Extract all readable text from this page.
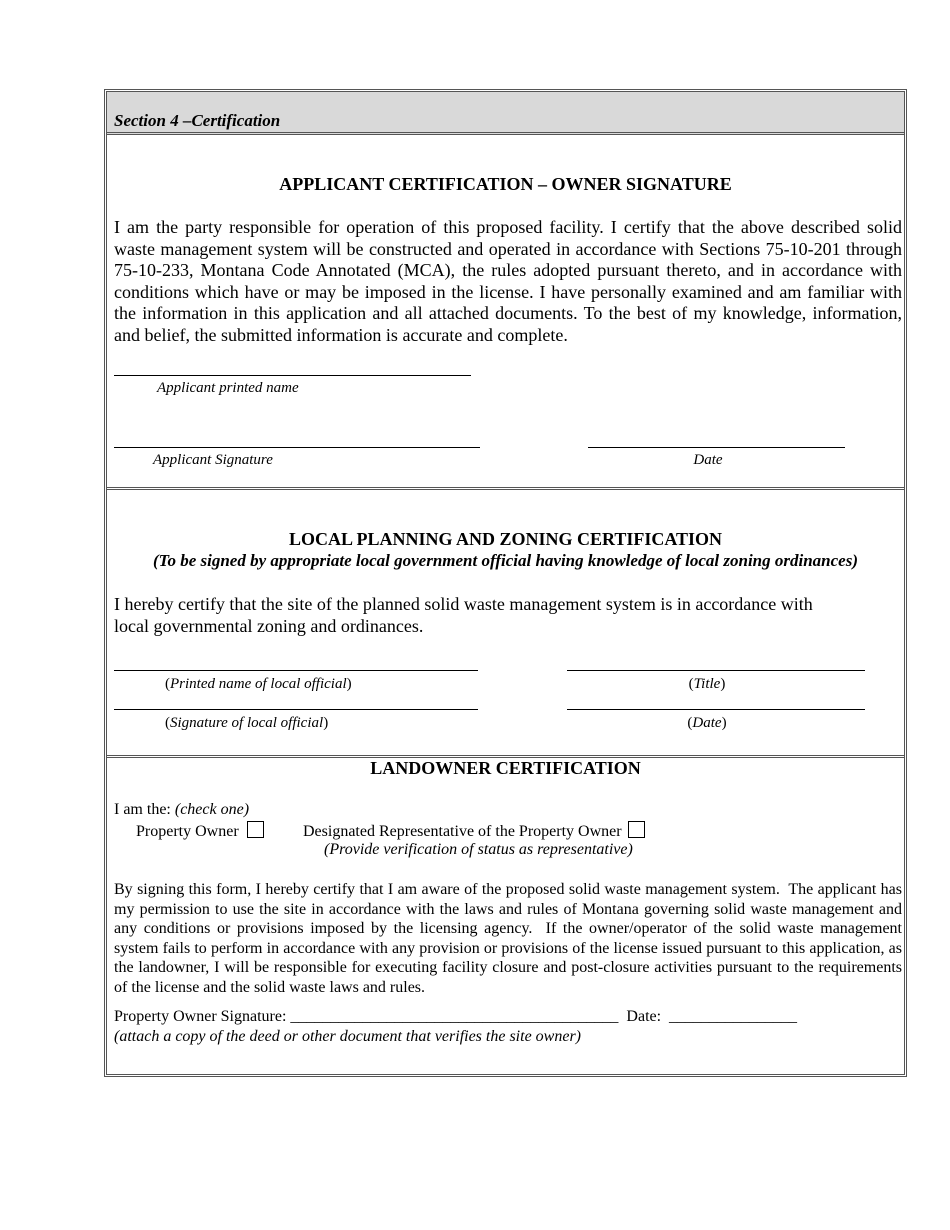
Section 4 –Certification
APPLICANT CERTIFICATION – OWNER SIGNATURE
I am the party responsible for operation of this proposed facility. I certify that the above described solid waste management system will be constructed and operated in accordance with Sections 75-10-201 through 75-10-233, Montana Code Annotated (MCA), the rules adopted pursuant thereto, and in accordance with conditions which have or may be imposed in the license. I have personally examined and am familiar with the information in this application and all attached documents. To the best of my knowledge, information, and belief, the submitted information is accurate and complete.
Applicant printed name
Applicant Signature	Date
LOCAL PLANNING AND ZONING CERTIFICATION
(To be signed by appropriate local government official having knowledge of local zoning ordinances)
I hereby certify that the site of the planned solid waste management system is in accordance with
local governmental zoning and ordinances.
(Printed name of local official)	(Title)
(Signature of local official)	(Date)
LANDOWNER CERTIFICATION
I am the: (check one)
Property Owner	Designated Representative of the Property Owner
(Provide verification of status as representative)
By signing this form, I hereby certify that I am aware of the proposed solid waste management system.  The applicant has my permission to use the site in accordance with the laws and rules of Montana governing solid waste management and any conditions or provisions imposed by the licensing agency.  If the owner/operator of the solid waste management system fails to perform in accordance with any provision or provisions of the license issued pursuant to this application, as the landowner, I will be responsible for executing facility closure and post-closure activities pursuant to the requirements of the license and the solid waste laws and rules.
Property Owner Signature: _________________________________________  Date:  ________________
(attach a copy of the deed or other document that verifies the site owner)
